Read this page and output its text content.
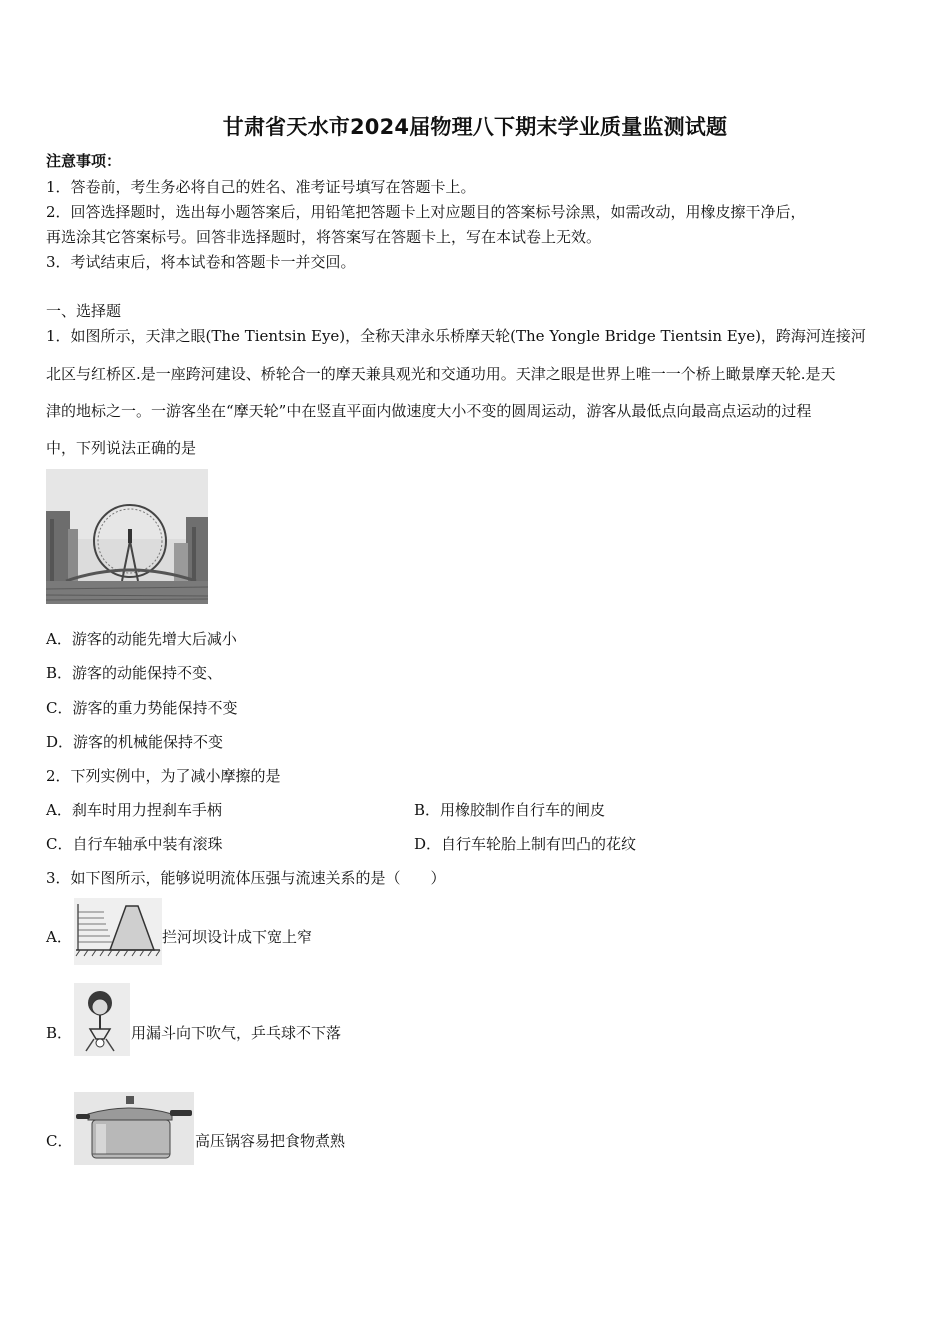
甘肃省天水市2024届物理八下期末学业质量监测试题
注意事项：
1．答卷前，考生务必将自己的姓名、准考证号填写在答题卡上。
2．回答选择题时，选出每小题答案后，用铅笔把答题卡上对应题目的答案标号涂黑，如需改动，用橡皮擦干净后，
再选涂其它答案标号。回答非选择题时，将答案写在答题卡上，写在本试卷上无效。
3．考试结束后，将本试卷和答题卡一并交回。
一、选择题
1．如图所示，天津之眼(The Tientsin Eye)，全称天津永乐桥摩天轮(The Yongle Bridge Tientsin Eye)，跨海河连接河
北区与红桥区.是一座跨河建设、桥轮合一的摩天兼具观光和交通功用。天津之眼是世界上唯一一个桥上瞰景摩天轮.是天
津的地标之一。一游客坐在“摩天轮”中在竖直平面内做速度大小不变的圆周运动，游客从最低点向最高点运动的过程
中，下列说法正确的是
A．游客的动能先增大后减小
B．游客的动能保持不变、
C．游客的重力势能保持不变
D．游客的机械能保持不变
2．下列实例中，为了减小摩擦的是
A．刹车时用力捏刹车手柄	B．用橡胶制作自行车的闸皮
C．自行车轴承中装有滚珠	D．自行车轮胎上制有凹凸的花纹
3．如下图所示，能够说明流体压强与流速关系的是（　　）
A．	拦河坝设计成下宽上窄
B．	用漏斗向下吹气，乒乓球不下落
C．	高压锅容易把食物煮熟
